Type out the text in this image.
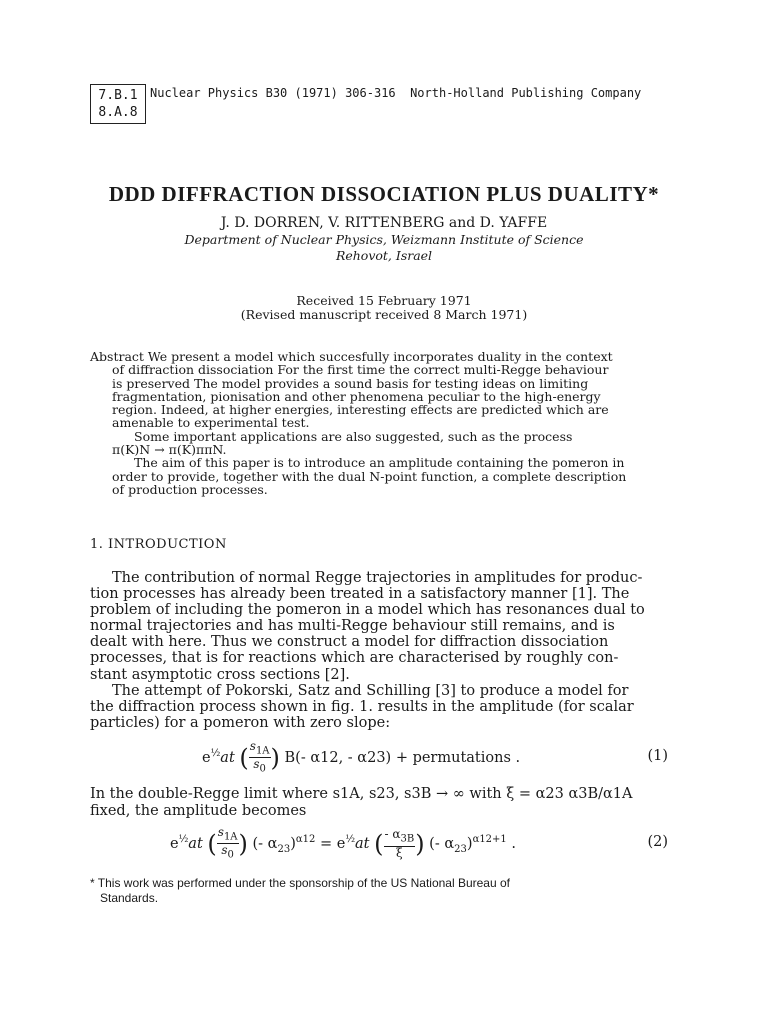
7.B.1
8.A.8
Nuclear Physics B30 (1971) 306-316  North-Holland Publishing Company
DDD DIFFRACTION DISSOCIATION PLUS DUALITY*
J. D. DORREN, V. RITTENBERG and D. YAFFE
Department of Nuclear Physics, Weizmann Institute of Science
Rehovot, Israel
Received 15 February 1971
(Revised manuscript received 8 March 1971)

Abstract We present a model which succesfully incorporates duality in the context

of diffraction dissociation For the first time the correct multi-Regge behaviour

is preserved The model provides a sound basis for testing ideas on limiting

fragmentation, pionisation and other phenomena peculiar to the high-energy

region. Indeed, at higher energies, interesting effects are predicted which are

amenable to experimental test.

Some important applications are also suggested, such as the process

π(K)N → π(K)ππN.

The aim of this paper is to introduce an amplitude containing the pomeron in

order to provide, together with the dual N-point function, a complete description

of production processes.

1. INTRODUCTION
The contribution of normal Regge trajectories in amplitudes for produc-
tion processes has already been treated in a satisfactory manner [1]. The
problem of including the pomeron in a model which has resonances dual to
normal trajectories and has multi-Regge behaviour still remains, and is
dealt with here. Thus we construct a model for diffraction dissociation
processes, that is for reactions which are characterised by roughly con-
stant asymptotic cross sections [2].
The attempt of Pokorski, Satz and Schilling [3] to produce a model for
the diffraction process shown in fig. 1. results in the amplitude (for scalar
particles) for a pomeron with zero slope:
$e^{\frac{1}{2}}at$ ( $\frac{s_{1A}}{s_0}$ ) B(- α12, - α23) + permutations .	(1)
In the double-Regge limit where s1A, s23, s3B → ∞ with ξ = α23 α3B/α1A
fixed, the amplitude becomes
$e^{\frac{1}{2}}at$ ( $\frac{s_{1A}}{s_0}$ ) (- $\alpha_{23})^{\alpha 12} = e^{\frac{1}{2}}at$ ( $\frac{- \alpha_{3B}}{\xi}$ ) (- $\alpha_{23})^{\alpha 12+1}$ .	(2)
* This work was performed under the sponsorship of the US National Bureau of
Standards.
